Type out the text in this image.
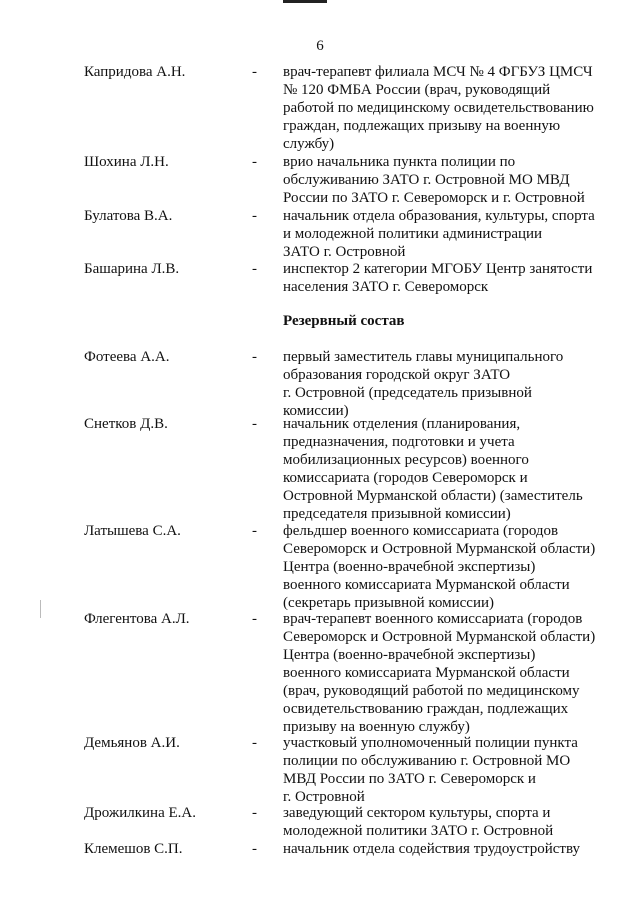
6
Капридова А.Н.	- врач-терапевт филиала МСЧ № 4 ФГБУЗ ЦМСЧ
№ 120 ФМБА России (врач, руководящий
работой по медицинскому освидетельствованию
граждан, подлежащих призыву на военную
службу)
Шохина Л.Н.	- врио начальника пункта полиции по
обслуживанию ЗАТО г. Островной МО МВД
России по ЗАТО г. Североморск и г. Островной
Булатова В.А.	- начальник отдела образования, культуры, спорта
и молодежной политики администрации
ЗАТО г. Островной
Башарина Л.В.	- инспектор 2 категории МГОБУ Центр занятости
населения ЗАТО г. Североморск
Резервный состав
Фотеева А.А.	- первый заместитель главы муниципального
образования городской округ ЗАТО
г. Островной (председатель призывной
комиссии)
Снетков Д.В.	- начальник отделения (планирования,
предназначения, подготовки и учета
мобилизационных ресурсов) военного
комиссариата (городов Североморск и
Островной Мурманской области) (заместитель
председателя призывной комиссии)
Латышева С.А.	- фельдшер военного комиссариата (городов
Североморск и Островной Мурманской области)
Центра (военно-врачебной экспертизы)
военного комиссариата Мурманской области
(секретарь призывной комиссии)
Флегентова А.Л.	- врач-терапевт военного комиссариата (городов
Североморск и Островной Мурманской области)
Центра (военно-врачебной экспертизы)
военного комиссариата Мурманской области
(врач, руководящий работой по медицинскому
освидетельствованию граждан, подлежащих
призыву на военную службу)
Демьянов А.И.	- участковый уполномоченный полиции пункта
полиции по обслуживанию г. Островной МО
МВД России по ЗАТО г. Североморск и
г. Островной
Дрожилкина Е.А.	- заведующий сектором культуры, спорта и
молодежной политики ЗАТО г. Островной
Клемешов С.П.	- начальник отдела содействия трудоустройству
